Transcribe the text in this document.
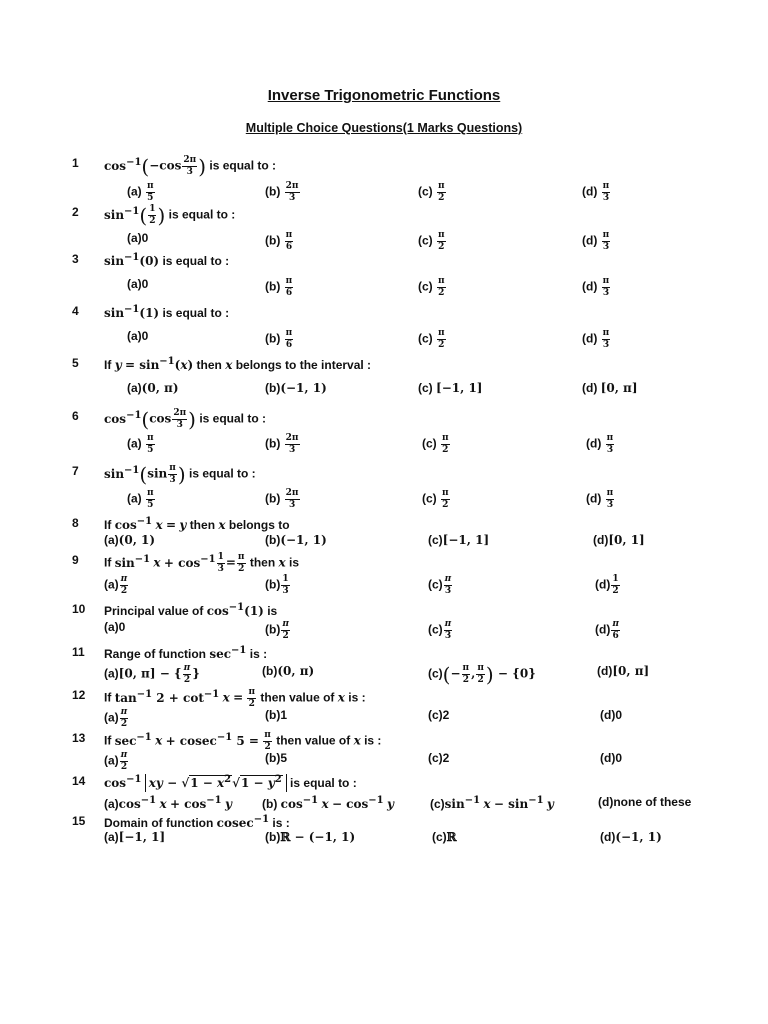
Inverse Trigonometric Functions
Multiple Choice Questions(1 Marks Questions)
1 $\cos^{-1}(-\cos \frac{2\pi}{3}$ ) is equal to :
$(a) \frac{\pi}{5}$	$(b) \frac{2\pi}{3}$	$(c) \frac{\pi}{2}$	$(d) \frac{\pi}{3}$
2 $\sin^{-1}( \frac{1}{2}$ ) is equal to :
(a)0	$(b) \frac{\pi}{6}$	$(c) \frac{\pi}{2}$	$(d) \frac{\pi}{3}$
3 $\sin^{-1}(0)$ is equal to :
(a)0	$(b) \frac{\pi}{6}$	$(c) \frac{\pi}{2}$	$(d) \frac{\pi}{3}$
4 $\sin^{-1}(1)$ is equal to :
(a)0	$(b) \frac{\pi}{6}$	$(c) \frac{\pi}{2}$	$(d) \frac{\pi}{3}$
5 If $y = \sin^{-1}(x)$ then x belongs to the interval :
(a)(0, π)	(b)(−1, 1)	(c) [−1, 1]	(d) [0, π]
6 $\cos^{-1}(\cos \frac{2\pi}{3}$ ) is equal to :
$(a) \frac{\pi}{5}$	$(b) \frac{2\pi}{3}$	$(c) \frac{\pi}{2}$	$(d) \frac{\pi}{3}$
7 $\sin^{-1}(\sin \frac{\pi}{3}$ ) is equal to :
$(a) \frac{\pi}{5}$	$(b) \frac{2\pi}{3}$	$(c) \frac{\pi}{2}$	$(d) \frac{\pi}{3}$
8 If $\cos^{-1} x = y$ then x belongs to
(a)(0, 1)	(b)(−1, 1)	(c)[−1, 1]	(d)[0, 1]
9 If $\sin^{-1} x + \cos^{-1} \frac{1}{3} = \frac{\pi}{2}$ then x is
$(a) \frac{\pi}{2}$	$(b) \frac{1}{3}$	$(c) \frac{\pi}{3}$	$(d) \frac{1}{2}$
10 Principal value of $\cos^{-1}(1)$ is
(a)0	$(b) \frac{\pi}{2}$	$(c) \frac{\pi}{3}$	$(d) \frac{\pi}{6}$
11 Range of function $\sec^{-1}$ is :
(a)[0, π] − { $\frac{\pi}{2}$ }	(b)(0, π)	$(c)(- \frac{\pi}{2}$ , $\frac{\pi}{2}$ ) − {0}	(d)[0, π]
12 If $\tan^{-1} 2 + \cot^{-1} x = \frac{\pi}{2}$ then value of x is :
$(a) \frac{\pi}{2}$	(b)1	(c)2	(d)0
13 If $\sec^{-1} x + cosec^{-1}$ $5 = \frac{\pi}{2}$ then value of x is :
$(a) \frac{\pi}{2}$	(b)5	(c)2	(d)0
14 $\cos^{-1}$ xy − $√1 - x^2√1 - y^2$ is equal to :
$(a)\cos^{-1}$ $x + \cos^{-1} y$	(b) $\cos^{-1} x - \cos^{-1} y$	$(c)\sin^{-1}$ $x - \sin^{-1} y$	(d)none of these
15 Domain of function cosec$^{-1}$ is :
(a)[−1, 1]	(b)ℝ − (−1, 1)	(c)ℝ	(d)(−1, 1)
